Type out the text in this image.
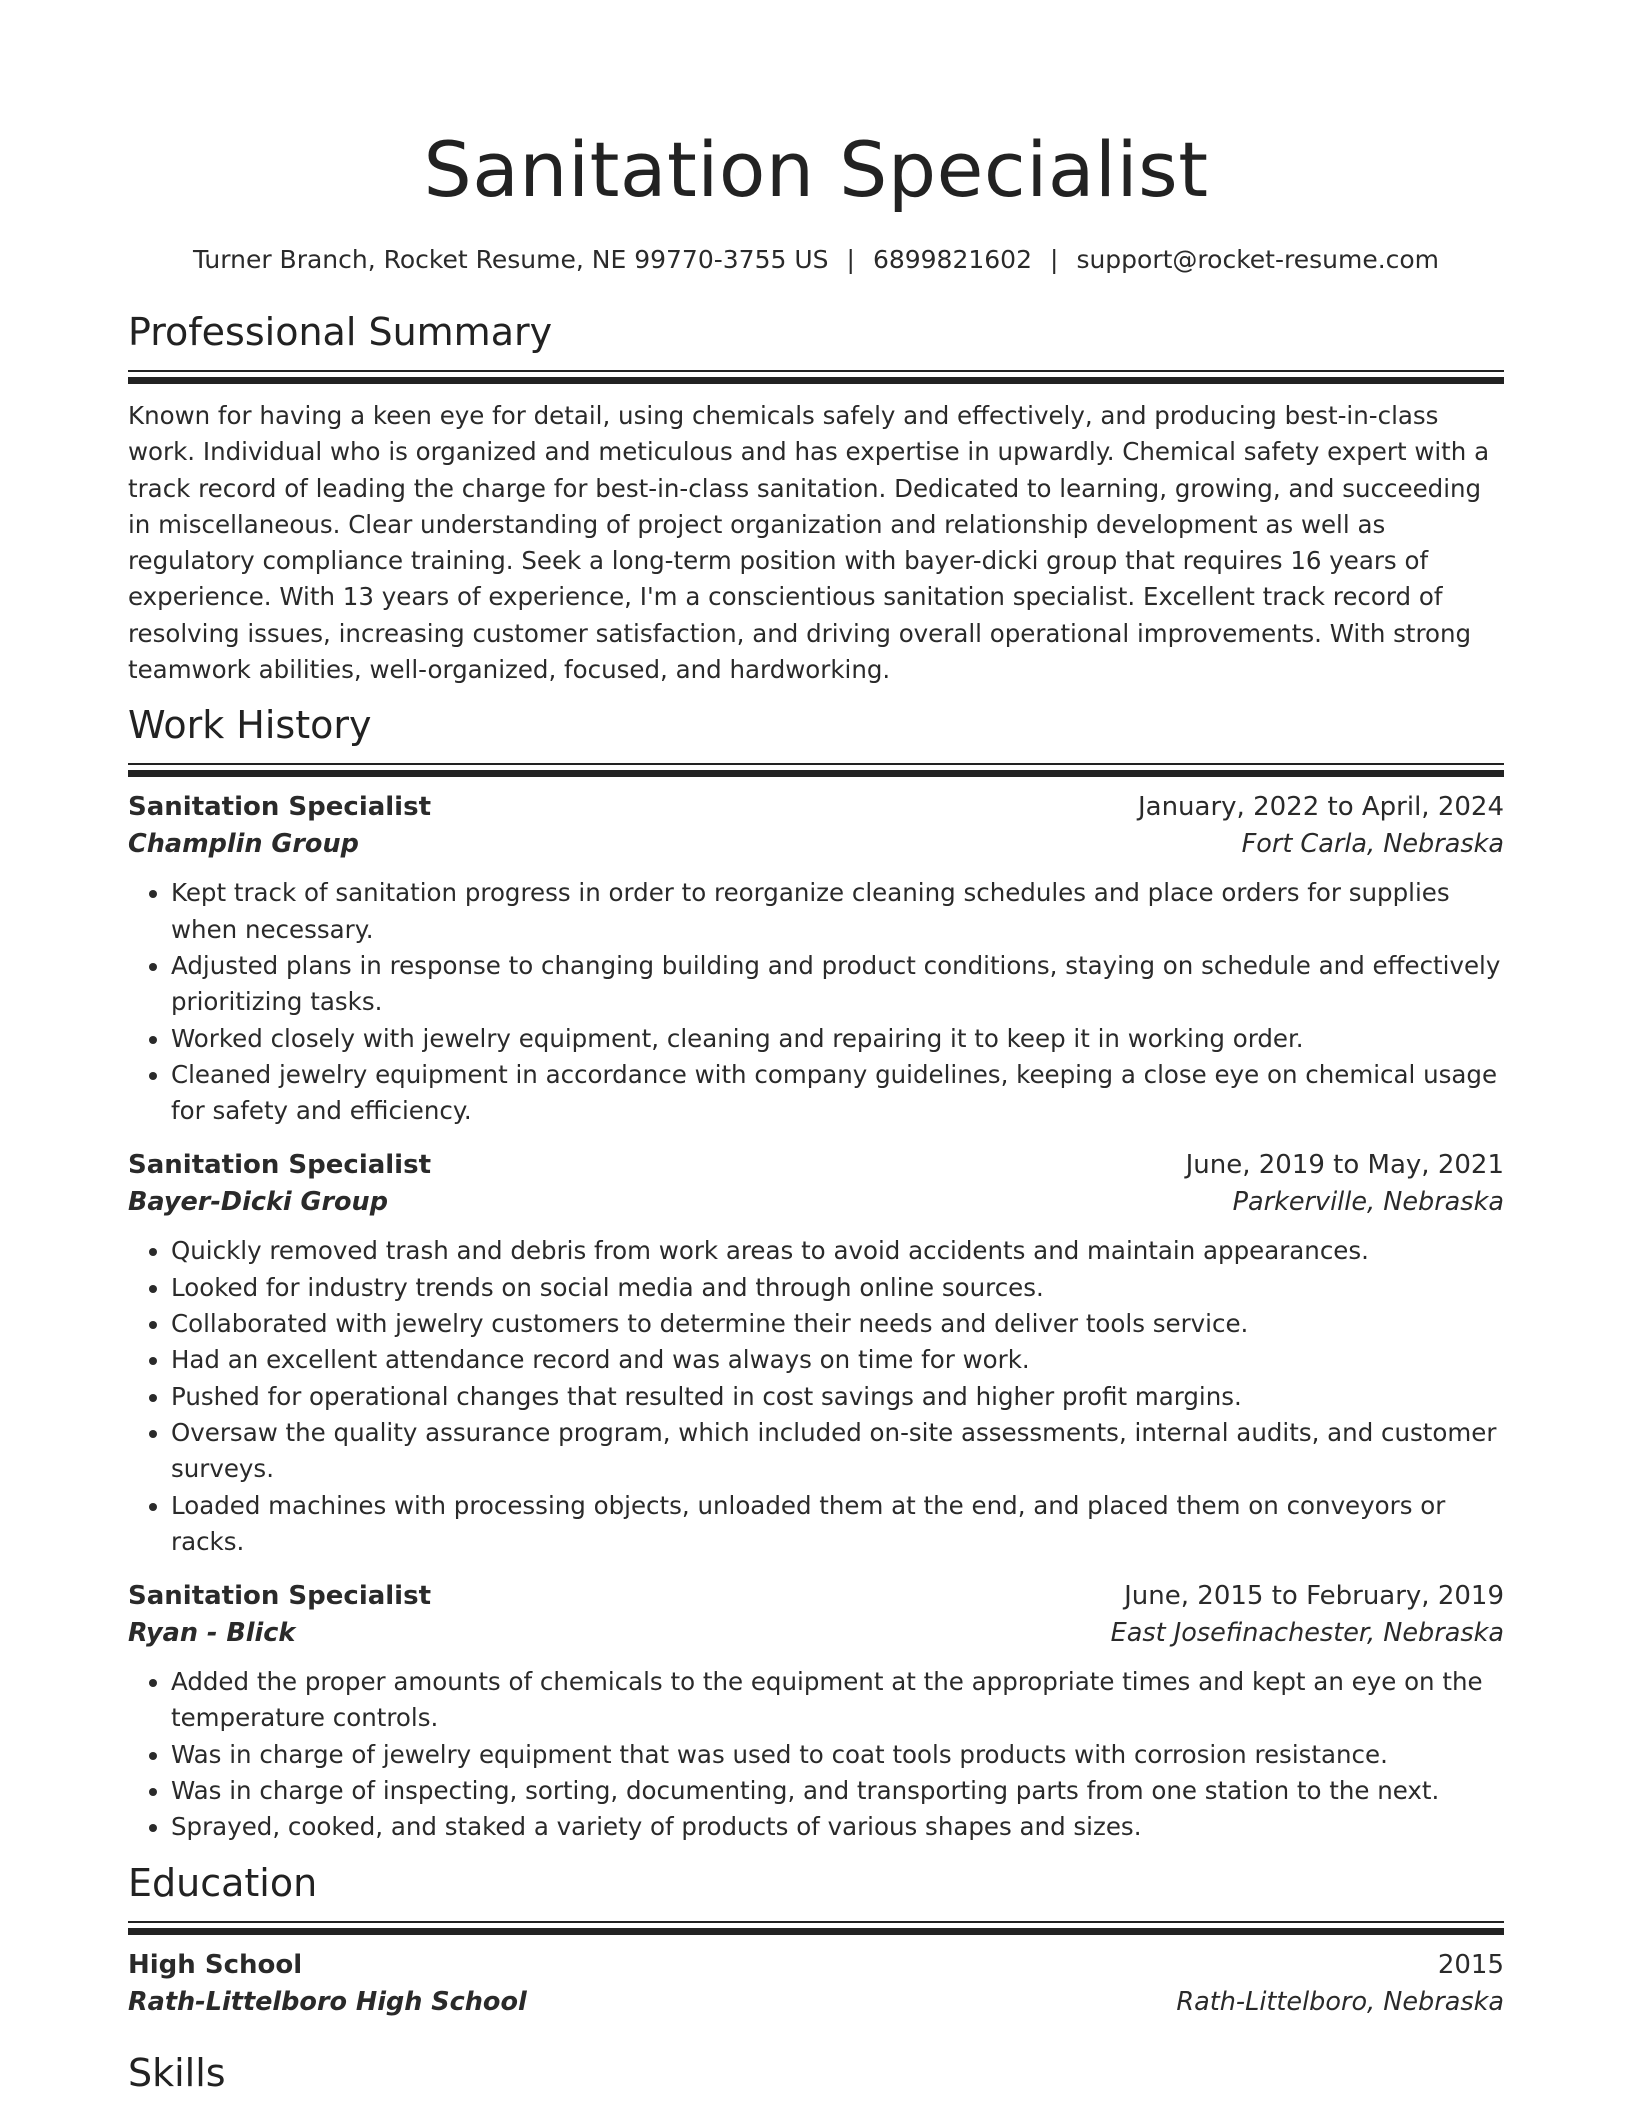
Sanitation Specialist
Turner Branch, Rocket Resume, NE 99770-3755 US | 6899821602 | support@rocket-resume.com
Professional Summary

Known for having a keen eye for detail, using chemicals safely and effectively, and producing best-in-class work. Individual who is organized and meticulous and has expertise in upwardly. Chemical safety expert with a track record of leading the charge for best-in-class sanitation. Dedicated to learning, growing, and succeeding in miscellaneous. Clear understanding of project organization and relationship development as well as regulatory compliance training. Seek a long-term position with bayer-dicki group that requires 16 years of experience. With 13 years of experience, I'm a conscientious sanitation specialist. Excellent track record of resolving issues, increasing customer satisfaction, and driving overall operational improvements. With strong teamwork abilities, well-organized, focused, and hardworking.

Work History
Sanitation Specialist	January, 2022 to April, 2024
Champlin Group	Fort Carla, Nebraska
• Kept track of sanitation progress in order to reorganize cleaning schedules and place orders for supplies when necessary.
• Adjusted plans in response to changing building and product conditions, staying on schedule and effectively prioritizing tasks.
• Worked closely with jewelry equipment, cleaning and repairing it to keep it in working order.
• Cleaned jewelry equipment in accordance with company guidelines, keeping a close eye on chemical usage for safety and efficiency.
Sanitation Specialist	June, 2019 to May, 2021
Bayer-Dicki Group	Parkerville, Nebraska
• Quickly removed trash and debris from work areas to avoid accidents and maintain appearances.
• Looked for industry trends on social media and through online sources.
• Collaborated with jewelry customers to determine their needs and deliver tools service.
• Had an excellent attendance record and was always on time for work.
• Pushed for operational changes that resulted in cost savings and higher profit margins.
• Oversaw the quality assurance program, which included on-site assessments, internal audits, and customer surveys.
• Loaded machines with processing objects, unloaded them at the end, and placed them on conveyors or racks.
Sanitation Specialist	June, 2015 to February, 2019
Ryan - Blick	East Josefinachester, Nebraska
• Added the proper amounts of chemicals to the equipment at the appropriate times and kept an eye on the temperature controls.
• Was in charge of jewelry equipment that was used to coat tools products with corrosion resistance.
• Was in charge of inspecting, sorting, documenting, and transporting parts from one station to the next.
• Sprayed, cooked, and staked a variety of products of various shapes and sizes.
Education
High School	2015
Rath-Littelboro High School	Rath-Littelboro, Nebraska
Skills
